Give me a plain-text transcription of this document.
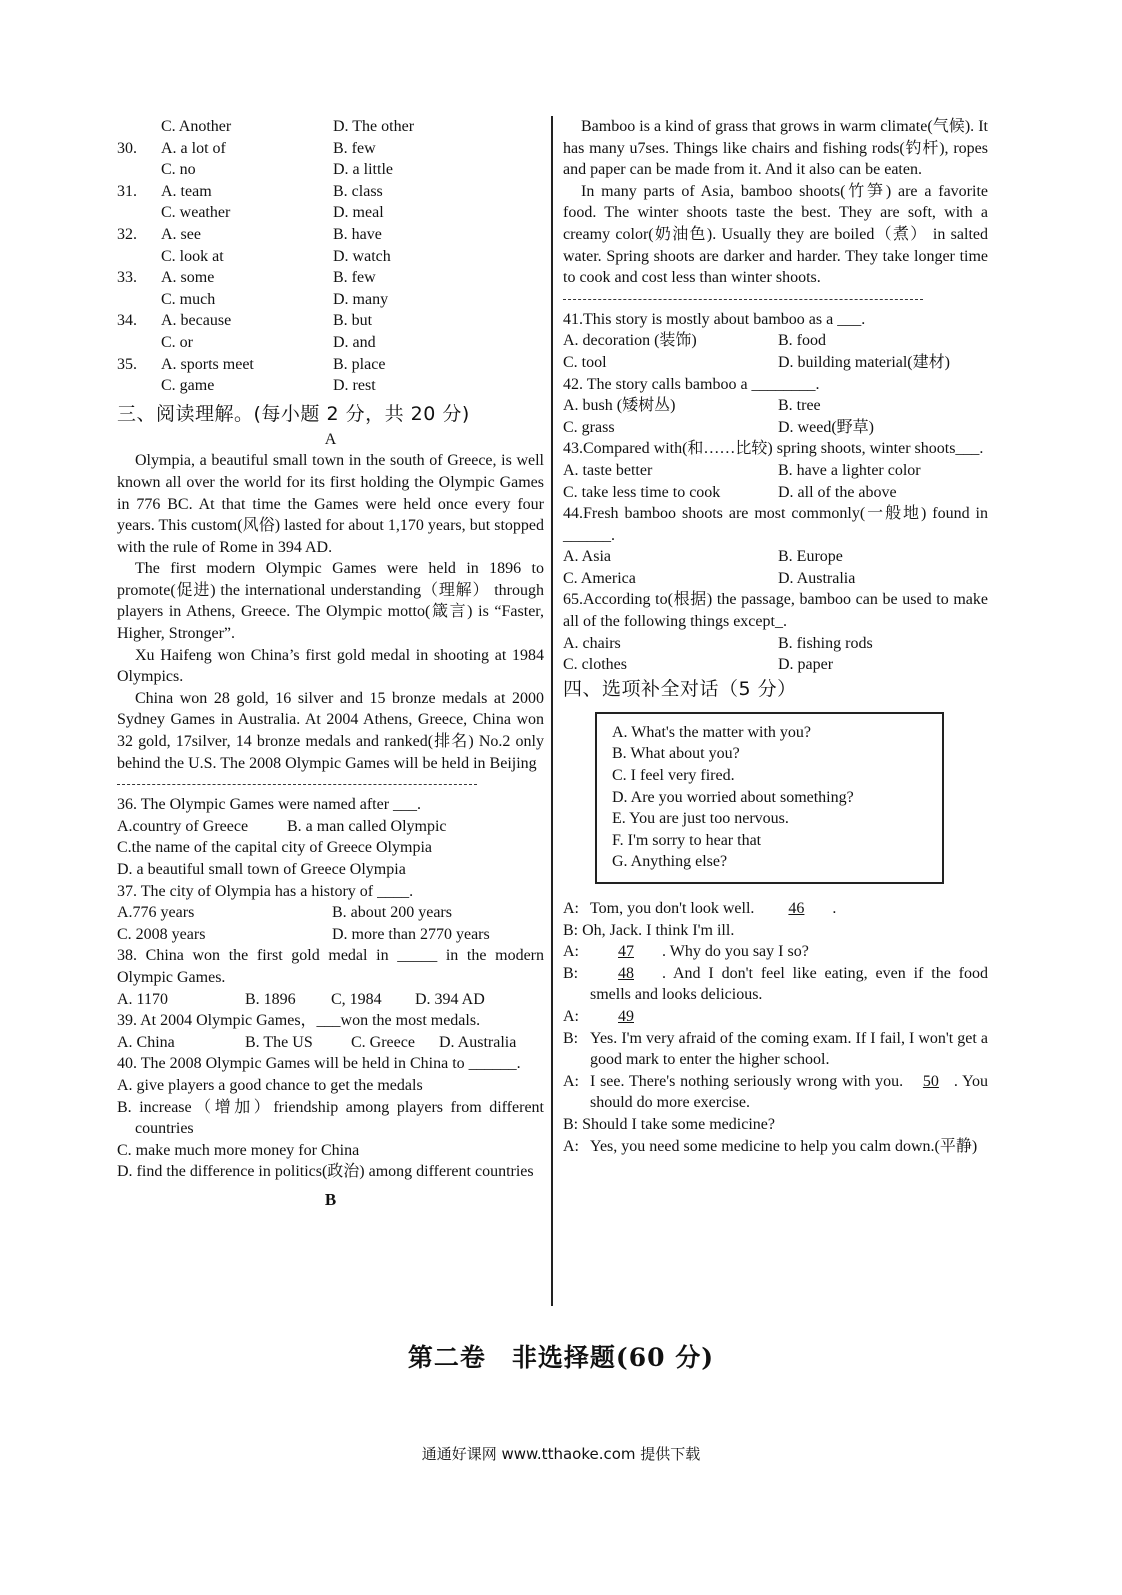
C. Another	D. The other
30.	A. a lot of	B. few
C. no	D. a little
31.	A. team	B. class
C. weather	D. meal
32.	A. see	B. have
C. look at	D. watch
33.	A. some	B. few
C. much	D. many
34.	A. because	B. but
C. or	D. and
35.	A. sports meet	B. place
C. game	D. rest
三、阅读理解。(每小题 2 分，共 20 分)
A

Olympia, a beautiful small town in the south of Greece, is well known all over the world for its first holding the Olympic Games in 776 BC. At that time the Games were held once every four years. This custom(风俗) lasted for about 1,170 years, but stopped with the rule of Rome in 394 AD.

The first modern Olympic Games were held in 1896 to promote(促进) the international understanding（理解） through players in Athens, Greece. The Olympic motto(箴言) is “Faster, Higher, Stronger”.

Xu Haifeng won China’s first gold medal in shooting at 1984 Olympics.

China won 28 gold, 16 silver and 15 bronze medals at 2000 Sydney Games in Australia. At 2004 Athens, Greece, China won 32 gold, 17silver, 14 bronze medals and ranked(排名) No.2 only behind the U.S. The 2008 Olympic Games will be held in Beijing

36. The Olympic Games were named after ___.

A.country of Greece	B. a man called Olympic
C.the name of the capital city of Greece Olympia
D. a beautiful small town of Greece Olympia

37. The city of Olympia has a history of ____.

A.776 years	B. about 200 years
C. 2008 years	D. more than 2770 years

38. China won the first gold medal in _____ in the modern Olympic Games.

A. 1170	B. 1896	C, 1984	D. 394 AD

39. At 2004 Olympic Games，___won the most medals.

A. China	B. The US	C. Greece	D. Australia

40. The 2008 Olympic Games will be held in China to ______.

A. give players a good chance to get the medals

B. increase（增加）friendship among players from different countries

C. make much more money for China

D. find the difference in politics(政治) among different countries

B

Bamboo is a kind of grass that grows in warm climate(气候). It has many u7ses. Things like chairs and fishing rods(钓杆), ropes and paper can be made from it. And it also can be eaten.

In many parts of Asia, bamboo shoots(竹笋) are a favorite food. The winter shoots taste the best. They are soft, with a creamy color(奶油色). Usually they are boiled（煮） in salted water. Spring shoots are darker and harder. They take longer time to cook and cost less than winter shoots.

41.This story is mostly about bamboo as a ___.

A. decoration (装饰)	B. food
C. tool	D. building material(建材)

42. The story calls bamboo a ________.

A. bush (矮树丛)	B. tree
C. grass	D. weed(野草)

43.Compared with(和……比较) spring shoots, winter shoots___.

A. taste better	B. have a lighter color
C. take less time to cook	D. all of the above

44.Fresh bamboo shoots are most commonly(一般地) found in ______.

A. Asia	B. Europe
C. America	D. Australia

65.According to(根据) the passage, bamboo can be used to make all of the following things except_.

A. chairs	B. fishing rods
C. clothes	D. paper
四、选项补全对话（5 分）
A. What's the matter with you?
B. What about you?
C. I feel very fired.
D. Are you worried about something?
E. You are just too nervous.
F. I'm sorry to hear that
G. Anything else?
A: Tom, you don't look well. 46 .
B: Oh, Jack. I think I'm ill.
A:	47 . Why do you say I so?
B:	48 . And I don't feel like eating, even if the food smells and looks delicious.
A:	49
B: Yes. I'm very afraid of the coming exam. If I fail, I won't get a good mark to enter the higher school.
A: I see. There's nothing seriously wrong with you. 50 . You should do more exercise.
B: Should I take some medicine?
A: Yes, you need some medicine to help you calm down.(平静)
第二卷　非选择题(60 分)
通通好课网 www.tthaoke.com 提供下载
